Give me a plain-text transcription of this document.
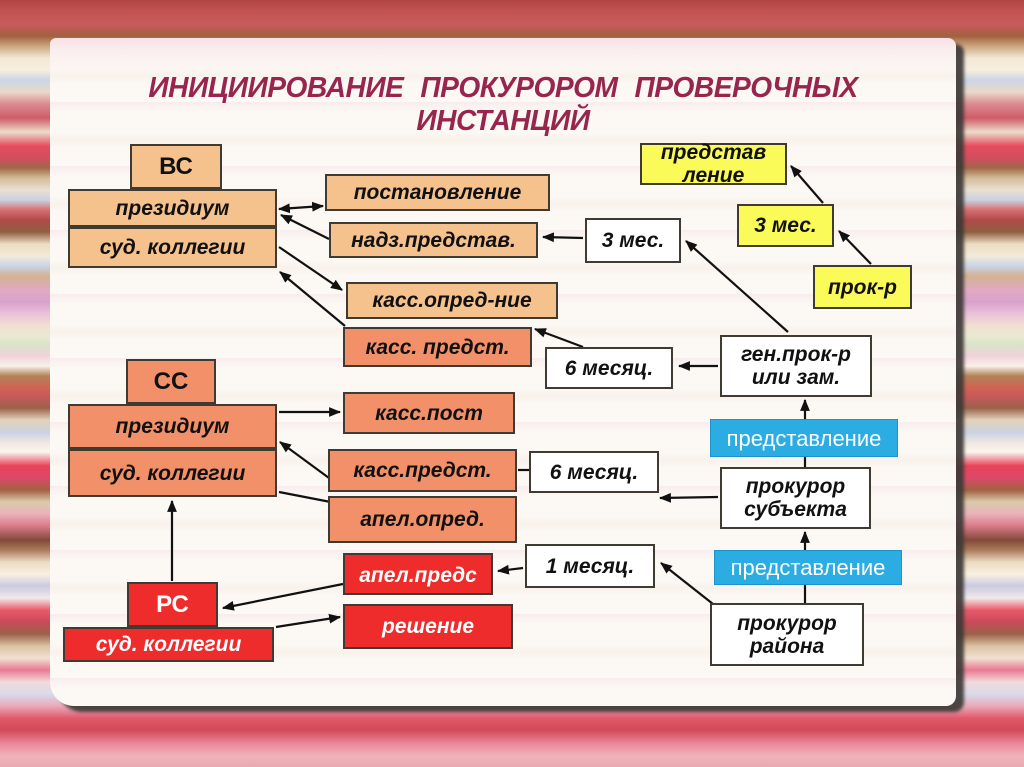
ИНИЦИИРОВАНИЕ ПРОКУРОРОМ ПРОВЕРОЧНЫХ
ИНСТАНЦИЙ
ВС
президиум
суд. коллегии
постановление
надз.представ.
касс.опред-ние
касс. предст.
СС
президиум
суд. коллегии
касс.пост
касс.предст.
апел.опред.
представ
ление
3 мес.
прок-р
3 мес.
6 месяц.
ген.прок-р
или зам.
представление
прокурор
субъекта
6 месяц.
представление
1 месяц.
прокурор
района
апел.предс
РС
суд. коллегии
решение
